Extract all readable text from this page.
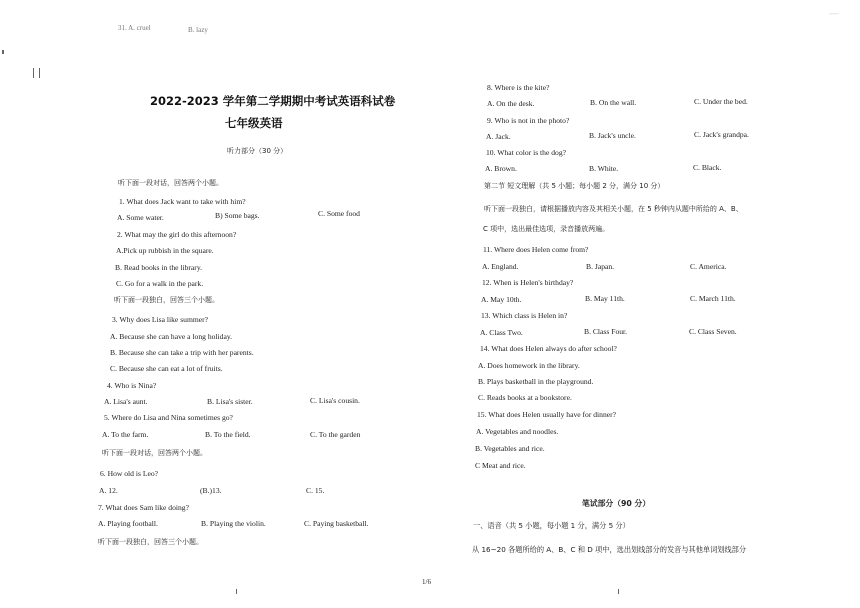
31. A. cruel	B. lazy
~~~
2022-2023 学年第二学期期中考试英语科试卷
七年级英语
听力部分（30 分）
听下面一段对话，回答两个小题。
1. What does Jack want to take with him?
A. Some water.	B) Some bags.	C. Some food
2. What may the girl do this afternoon?
A.Pick up rubbish in the square.
B. Read books in the library.
C. Go for a walk in the park.
听下面一段独白，回答三个小题。
3. Why does Lisa like summer?
A. Because she can have a long holiday.
B. Because she can take a trip with her parents.
C. Because she can eat a lot of fruits.
4. Who is Nina?
A. Lisa's aunt.	B. Lisa's sister.	C. Lisa's cousin.
5. Where do Lisa and Nina sometimes go?
A. To the farm.	B. To the field.	C. To the garden
听下面一段对话，回答两个小题。
6. How old is Leo?
A. 12.	(B.)13.	C. 15.
7. What does Sam like doing?
A. Playing football.	B. Playing the violin.	C. Paying basketball.
听下面一段独白，回答三个小题。
8. Where is the kite?
A. On the desk.	B. On the wall.	C. Under the bed.
9. Who is not in the photo?
A. Jack.	B. Jack's uncle.	C. Jack's grandpa.
10. What color is the dog?
A. Brown.	B. White.	C. Black.
第二节 短文理解（共 5 小题；每小题 2 分，满分 10 分）
听下面一段独白，请根据播放内容及其相关小题，在 5 秒钟内从题中所给的 A、B、
C 项中，选出最佳选项，录音播放两遍。
11. Where does Helen come from?
A. England.	B. Japan.	C. America.
12. When is Helen's birthday?
A. May 10th.	B. May 11th.	C. March 11th.
13. Which class is Helen in?
A. Class Two.	B. Class Four.	C. Class Seven.
14. What does Helen always do after school?
A. Does homework in the library.
B. Plays basketball in the playground.
C. Reads books at a bookstore.
15. What does Helen usually have for dinner?
A. Vegetables and noodles.
B. Vegetables and rice.
C Meat and rice.
笔试部分（90 分）
一、语音（共 5 小题，每小题 1 分，满分 5 分）
从 16~20 各题所给的 A、B、C 和 D 项中，选出划线部分的发音与其他单词划线部分
1/6
